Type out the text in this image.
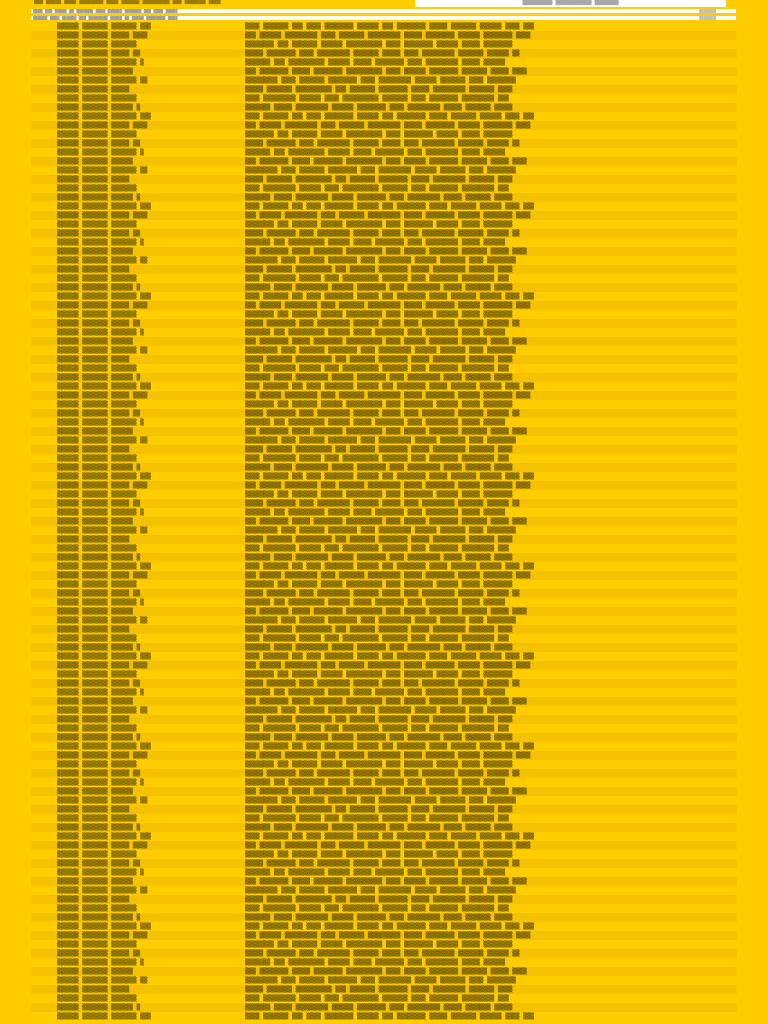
▒▒▒ ▒▒▒▒▒ ▒▒▒▒ ▒▒▒▒▒▒▒▒ ▒▒▒▒ ▒▒▒▒▒▒ ▒▒▒▒▒▒▒▒▒ ▒▒▒ ▒▒▒▒▒▒▒ ▒▒▒▒	▒▒▒▒▒▒▒▒▒▒ ▒▒▒▒▒▒▒▒▒▒▒▒ ▒▒▒▒▒▒▒▒
▒▒▒▒ ▒▒▒ ▒▒▒▒▒ ▒▒ ▒▒▒▒▒▒▒ ▒▒▒▒ ▒▒▒▒▒▒ ▒▒▒▒▒▒▒ ▒▒▒ ▒▒▒▒ ▒▒▒▒▒	▒▒▒▒▒▒▒
▒▒▒▒▒▒ ▒▒▒▒ ▒▒▒▒▒▒ ▒▒▒ ▒▒▒▒▒▒▒▒ ▒▒▒▒▒ ▒▒ ▒▒▒▒▒ ▒▒▒▒▒▒▒▒ ▒▒▒▒	▒▒▒▒▒▒▒
▒▒▒▒▒▒ ▒▒▒▒▒▒▒ ▒▒▒▒▒▒▒ ▒▒▒	▒▒▒▒ ▒▒▒▒▒▒▒ ▒▒▒ ▒▒▒▒ ▒▒▒▒▒▒▒▒ ▒▒▒▒▒▒ ▒▒▒ ▒▒▒▒▒▒▒▒ ▒▒▒▒▒ ▒▒▒▒▒▒▒ ▒▒▒▒▒▒ ▒▒▒▒ ▒▒▒
▒▒▒▒▒▒ ▒▒▒▒▒▒▒ ▒▒▒▒▒ ▒▒▒▒	▒▒▒ ▒▒▒▒▒▒ ▒▒▒▒▒▒▒▒▒ ▒▒▒▒ ▒▒▒▒▒▒▒ ▒▒▒▒▒▒▒▒▒ ▒▒▒▒▒ ▒▒▒▒▒▒▒▒ ▒▒▒▒▒▒ ▒▒▒▒▒▒▒▒ ▒▒▒▒
▒▒▒▒▒▒ ▒▒▒▒▒▒▒ ▒▒▒▒▒▒▒	▒▒▒▒▒▒▒▒ ▒▒▒ ▒▒▒▒▒▒▒ ▒▒▒▒▒▒ ▒▒▒▒▒▒▒▒▒▒ ▒▒▒▒ ▒▒▒▒▒▒▒▒ ▒▒▒▒▒▒ ▒▒▒▒▒ ▒▒▒▒▒▒▒▒
▒▒▒▒▒▒ ▒▒▒▒▒▒▒ ▒▒▒▒▒ ▒▒	▒▒▒▒▒ ▒▒▒▒▒▒▒▒ ▒▒▒▒ ▒▒▒▒▒▒▒▒▒ ▒▒▒▒▒▒▒ ▒▒▒▒▒ ▒▒▒▒ ▒▒▒▒▒▒▒▒▒ ▒▒▒▒▒▒▒ ▒▒▒▒▒▒ ▒▒
▒▒▒▒▒▒ ▒▒▒▒▒▒▒ ▒▒▒▒▒▒▒ ▒	▒▒▒▒▒▒▒ ▒▒▒ ▒▒▒▒▒▒▒▒▒▒ ▒▒▒▒▒▒ ▒▒▒▒▒ ▒▒▒▒▒▒▒▒ ▒▒▒▒ ▒▒▒▒▒▒▒▒▒ ▒▒▒▒▒ ▒▒▒▒▒▒
▒▒▒▒▒▒ ▒▒▒▒▒▒▒ ▒▒▒▒▒▒	▒▒▒ ▒▒▒▒▒▒▒▒ ▒▒▒▒▒ ▒▒▒▒▒▒▒▒ ▒▒▒▒▒▒▒▒▒▒ ▒▒▒▒ ▒▒▒▒▒▒ ▒▒▒▒▒▒▒▒ ▒▒▒▒▒▒▒ ▒▒▒▒▒ ▒▒▒▒
▒▒▒▒▒▒ ▒▒▒▒▒▒▒ ▒▒▒▒▒▒▒ ▒▒	▒▒▒▒▒▒▒▒▒ ▒▒▒▒ ▒▒▒▒▒▒▒ ▒▒▒▒▒▒▒▒ ▒▒▒▒ ▒▒▒▒▒▒▒▒▒ ▒▒▒▒▒▒ ▒▒▒▒▒▒▒ ▒▒▒▒ ▒▒▒▒▒▒▒▒
▒▒▒▒▒▒ ▒▒▒▒▒▒▒ ▒▒▒▒▒	▒▒▒▒▒ ▒▒▒▒▒▒▒ ▒▒▒▒▒▒▒▒▒▒ ▒▒▒ ▒▒▒▒▒▒▒ ▒▒▒▒▒▒▒▒ ▒▒▒▒▒ ▒▒▒▒▒▒▒▒▒ ▒▒▒▒▒▒▒ ▒▒▒▒
▒▒▒▒▒▒ ▒▒▒▒▒▒▒ ▒▒▒▒▒▒▒	▒▒▒▒ ▒▒▒▒▒▒▒▒▒ ▒▒▒▒▒▒ ▒▒▒▒ ▒▒▒▒▒▒▒▒▒▒ ▒▒▒▒▒▒▒ ▒▒▒▒ ▒▒▒▒▒▒▒▒ ▒▒▒▒▒▒▒▒▒ ▒▒▒
▒▒▒▒▒▒ ▒▒▒▒▒▒▒ ▒▒▒▒▒▒ ▒	▒▒▒▒▒▒▒ ▒▒▒▒▒ ▒▒▒▒▒▒▒▒▒ ▒▒▒▒▒▒ ▒▒▒▒▒▒▒▒ ▒▒▒▒ ▒▒▒▒▒▒▒▒▒ ▒▒▒▒▒ ▒▒▒▒▒▒▒ ▒▒▒▒▒
▒▒▒▒▒▒ ▒▒▒▒▒▒▒ ▒▒▒▒▒▒▒ ▒▒▒	▒▒▒▒ ▒▒▒▒▒▒▒ ▒▒▒ ▒▒▒▒ ▒▒▒▒▒▒▒▒ ▒▒▒▒▒▒ ▒▒▒ ▒▒▒▒▒▒▒▒ ▒▒▒▒▒ ▒▒▒▒▒▒▒ ▒▒▒▒▒▒ ▒▒▒▒ ▒▒▒
▒▒▒▒▒▒ ▒▒▒▒▒▒▒ ▒▒▒▒▒ ▒▒▒▒	▒▒▒ ▒▒▒▒▒▒ ▒▒▒▒▒▒▒▒▒ ▒▒▒▒ ▒▒▒▒▒▒▒ ▒▒▒▒▒▒▒▒▒ ▒▒▒▒▒ ▒▒▒▒▒▒▒▒ ▒▒▒▒▒▒ ▒▒▒▒▒▒▒▒ ▒▒▒▒
▒▒▒▒▒▒ ▒▒▒▒▒▒▒ ▒▒▒▒▒▒▒	▒▒▒▒▒▒▒▒ ▒▒▒ ▒▒▒▒▒▒▒ ▒▒▒▒▒▒ ▒▒▒▒▒▒▒▒▒▒ ▒▒▒▒ ▒▒▒▒▒▒▒▒ ▒▒▒▒▒▒ ▒▒▒▒▒ ▒▒▒▒▒▒▒▒
▒▒▒▒▒▒ ▒▒▒▒▒▒▒ ▒▒▒▒▒ ▒▒	▒▒▒▒▒ ▒▒▒▒▒▒▒▒ ▒▒▒▒ ▒▒▒▒▒▒▒▒▒ ▒▒▒▒▒▒▒ ▒▒▒▒▒ ▒▒▒▒ ▒▒▒▒▒▒▒▒▒ ▒▒▒▒▒▒▒ ▒▒▒▒▒▒ ▒▒
▒▒▒▒▒▒ ▒▒▒▒▒▒▒ ▒▒▒▒▒▒▒ ▒	▒▒▒▒▒▒▒ ▒▒▒ ▒▒▒▒▒▒▒▒▒▒ ▒▒▒▒▒▒ ▒▒▒▒▒ ▒▒▒▒▒▒▒▒ ▒▒▒▒ ▒▒▒▒▒▒▒▒▒ ▒▒▒▒▒ ▒▒▒▒▒▒
▒▒▒▒▒▒ ▒▒▒▒▒▒▒ ▒▒▒▒▒▒	▒▒▒ ▒▒▒▒▒▒▒▒ ▒▒▒▒▒ ▒▒▒▒▒▒▒▒ ▒▒▒▒▒▒▒▒▒▒ ▒▒▒▒ ▒▒▒▒▒▒ ▒▒▒▒▒▒▒▒ ▒▒▒▒▒▒▒ ▒▒▒▒▒ ▒▒▒▒
▒▒▒▒▒▒ ▒▒▒▒▒▒▒ ▒▒▒▒▒▒▒ ▒▒	▒▒▒▒▒▒▒▒▒ ▒▒▒▒ ▒▒▒▒▒▒▒ ▒▒▒▒▒▒▒▒ ▒▒▒▒ ▒▒▒▒▒▒▒▒▒ ▒▒▒▒▒▒ ▒▒▒▒▒▒▒ ▒▒▒▒ ▒▒▒▒▒▒▒▒
▒▒▒▒▒▒ ▒▒▒▒▒▒▒ ▒▒▒▒▒	▒▒▒▒▒ ▒▒▒▒▒▒▒ ▒▒▒▒▒▒▒▒▒▒ ▒▒▒ ▒▒▒▒▒▒▒ ▒▒▒▒▒▒▒▒ ▒▒▒▒▒ ▒▒▒▒▒▒▒▒▒ ▒▒▒▒▒▒▒ ▒▒▒▒
▒▒▒▒▒▒ ▒▒▒▒▒▒▒ ▒▒▒▒▒▒▒	▒▒▒▒ ▒▒▒▒▒▒▒▒▒ ▒▒▒▒▒▒ ▒▒▒▒ ▒▒▒▒▒▒▒▒▒▒ ▒▒▒▒▒▒▒ ▒▒▒▒ ▒▒▒▒▒▒▒▒ ▒▒▒▒▒▒▒▒▒ ▒▒▒
▒▒▒▒▒▒ ▒▒▒▒▒▒▒ ▒▒▒▒▒▒ ▒	▒▒▒▒▒▒▒ ▒▒▒▒▒ ▒▒▒▒▒▒▒▒▒ ▒▒▒▒▒▒ ▒▒▒▒▒▒▒▒ ▒▒▒▒ ▒▒▒▒▒▒▒▒▒ ▒▒▒▒▒ ▒▒▒▒▒▒▒ ▒▒▒▒▒
▒▒▒▒▒▒ ▒▒▒▒▒▒▒ ▒▒▒▒▒▒▒ ▒▒▒	▒▒▒▒ ▒▒▒▒▒▒▒ ▒▒▒ ▒▒▒▒ ▒▒▒▒▒▒▒▒ ▒▒▒▒▒▒ ▒▒▒ ▒▒▒▒▒▒▒▒ ▒▒▒▒▒ ▒▒▒▒▒▒▒ ▒▒▒▒▒▒ ▒▒▒▒ ▒▒▒
▒▒▒▒▒▒ ▒▒▒▒▒▒▒ ▒▒▒▒▒ ▒▒▒▒	▒▒▒ ▒▒▒▒▒▒ ▒▒▒▒▒▒▒▒▒ ▒▒▒▒ ▒▒▒▒▒▒▒ ▒▒▒▒▒▒▒▒▒ ▒▒▒▒▒ ▒▒▒▒▒▒▒▒ ▒▒▒▒▒▒ ▒▒▒▒▒▒▒▒ ▒▒▒▒
▒▒▒▒▒▒ ▒▒▒▒▒▒▒ ▒▒▒▒▒▒▒	▒▒▒▒▒▒▒▒ ▒▒▒ ▒▒▒▒▒▒▒ ▒▒▒▒▒▒ ▒▒▒▒▒▒▒▒▒▒ ▒▒▒▒ ▒▒▒▒▒▒▒▒ ▒▒▒▒▒▒ ▒▒▒▒▒ ▒▒▒▒▒▒▒▒
▒▒▒▒▒▒ ▒▒▒▒▒▒▒ ▒▒▒▒▒ ▒▒	▒▒▒▒▒ ▒▒▒▒▒▒▒▒ ▒▒▒▒ ▒▒▒▒▒▒▒▒▒ ▒▒▒▒▒▒▒ ▒▒▒▒▒ ▒▒▒▒ ▒▒▒▒▒▒▒▒▒ ▒▒▒▒▒▒▒ ▒▒▒▒▒▒ ▒▒
▒▒▒▒▒▒ ▒▒▒▒▒▒▒ ▒▒▒▒▒▒▒ ▒	▒▒▒▒▒▒▒ ▒▒▒ ▒▒▒▒▒▒▒▒▒▒ ▒▒▒▒▒▒ ▒▒▒▒▒ ▒▒▒▒▒▒▒▒ ▒▒▒▒ ▒▒▒▒▒▒▒▒▒ ▒▒▒▒▒ ▒▒▒▒▒▒
▒▒▒▒▒▒ ▒▒▒▒▒▒▒ ▒▒▒▒▒▒	▒▒▒ ▒▒▒▒▒▒▒▒ ▒▒▒▒▒ ▒▒▒▒▒▒▒▒ ▒▒▒▒▒▒▒▒▒▒ ▒▒▒▒ ▒▒▒▒▒▒ ▒▒▒▒▒▒▒▒ ▒▒▒▒▒▒▒ ▒▒▒▒▒ ▒▒▒▒
▒▒▒▒▒▒ ▒▒▒▒▒▒▒ ▒▒▒▒▒▒▒ ▒▒	▒▒▒▒▒▒▒▒▒ ▒▒▒▒ ▒▒▒▒▒▒▒ ▒▒▒▒▒▒▒▒ ▒▒▒▒ ▒▒▒▒▒▒▒▒▒ ▒▒▒▒▒▒ ▒▒▒▒▒▒▒ ▒▒▒▒ ▒▒▒▒▒▒▒▒
▒▒▒▒▒▒ ▒▒▒▒▒▒▒ ▒▒▒▒▒	▒▒▒▒▒ ▒▒▒▒▒▒▒ ▒▒▒▒▒▒▒▒▒▒ ▒▒▒ ▒▒▒▒▒▒▒ ▒▒▒▒▒▒▒▒ ▒▒▒▒▒ ▒▒▒▒▒▒▒▒▒ ▒▒▒▒▒▒▒ ▒▒▒▒
▒▒▒▒▒▒ ▒▒▒▒▒▒▒ ▒▒▒▒▒▒▒	▒▒▒▒ ▒▒▒▒▒▒▒▒▒ ▒▒▒▒▒▒ ▒▒▒▒ ▒▒▒▒▒▒▒▒▒▒ ▒▒▒▒▒▒▒ ▒▒▒▒ ▒▒▒▒▒▒▒▒ ▒▒▒▒▒▒▒▒▒ ▒▒▒
▒▒▒▒▒▒ ▒▒▒▒▒▒▒ ▒▒▒▒▒▒ ▒	▒▒▒▒▒▒▒ ▒▒▒▒▒ ▒▒▒▒▒▒▒▒▒ ▒▒▒▒▒▒ ▒▒▒▒▒▒▒▒ ▒▒▒▒ ▒▒▒▒▒▒▒▒▒ ▒▒▒▒▒ ▒▒▒▒▒▒▒ ▒▒▒▒▒
▒▒▒▒▒▒ ▒▒▒▒▒▒▒ ▒▒▒▒▒▒▒ ▒▒▒	▒▒▒▒ ▒▒▒▒▒▒▒ ▒▒▒ ▒▒▒▒ ▒▒▒▒▒▒▒▒ ▒▒▒▒▒▒ ▒▒▒ ▒▒▒▒▒▒▒▒ ▒▒▒▒▒ ▒▒▒▒▒▒▒ ▒▒▒▒▒▒ ▒▒▒▒ ▒▒▒
▒▒▒▒▒▒ ▒▒▒▒▒▒▒ ▒▒▒▒▒ ▒▒▒▒	▒▒▒ ▒▒▒▒▒▒ ▒▒▒▒▒▒▒▒▒ ▒▒▒▒ ▒▒▒▒▒▒▒ ▒▒▒▒▒▒▒▒▒ ▒▒▒▒▒ ▒▒▒▒▒▒▒▒ ▒▒▒▒▒▒ ▒▒▒▒▒▒▒▒ ▒▒▒▒
▒▒▒▒▒▒ ▒▒▒▒▒▒▒ ▒▒▒▒▒▒▒	▒▒▒▒▒▒▒▒ ▒▒▒ ▒▒▒▒▒▒▒ ▒▒▒▒▒▒ ▒▒▒▒▒▒▒▒▒▒ ▒▒▒▒ ▒▒▒▒▒▒▒▒ ▒▒▒▒▒▒ ▒▒▒▒▒ ▒▒▒▒▒▒▒▒
▒▒▒▒▒▒ ▒▒▒▒▒▒▒ ▒▒▒▒▒ ▒▒	▒▒▒▒▒ ▒▒▒▒▒▒▒▒ ▒▒▒▒ ▒▒▒▒▒▒▒▒▒ ▒▒▒▒▒▒▒ ▒▒▒▒▒ ▒▒▒▒ ▒▒▒▒▒▒▒▒▒ ▒▒▒▒▒▒▒ ▒▒▒▒▒▒ ▒▒
▒▒▒▒▒▒ ▒▒▒▒▒▒▒ ▒▒▒▒▒▒▒ ▒	▒▒▒▒▒▒▒ ▒▒▒ ▒▒▒▒▒▒▒▒▒▒ ▒▒▒▒▒▒ ▒▒▒▒▒ ▒▒▒▒▒▒▒▒ ▒▒▒▒ ▒▒▒▒▒▒▒▒▒ ▒▒▒▒▒ ▒▒▒▒▒▒
▒▒▒▒▒▒ ▒▒▒▒▒▒▒ ▒▒▒▒▒▒	▒▒▒ ▒▒▒▒▒▒▒▒ ▒▒▒▒▒ ▒▒▒▒▒▒▒▒ ▒▒▒▒▒▒▒▒▒▒ ▒▒▒▒ ▒▒▒▒▒▒ ▒▒▒▒▒▒▒▒ ▒▒▒▒▒▒▒ ▒▒▒▒▒ ▒▒▒▒
▒▒▒▒▒▒ ▒▒▒▒▒▒▒ ▒▒▒▒▒▒▒ ▒▒	▒▒▒▒▒▒▒▒▒ ▒▒▒▒ ▒▒▒▒▒▒▒ ▒▒▒▒▒▒▒▒ ▒▒▒▒ ▒▒▒▒▒▒▒▒▒ ▒▒▒▒▒▒ ▒▒▒▒▒▒▒ ▒▒▒▒ ▒▒▒▒▒▒▒▒
▒▒▒▒▒▒ ▒▒▒▒▒▒▒ ▒▒▒▒▒	▒▒▒▒▒ ▒▒▒▒▒▒▒ ▒▒▒▒▒▒▒▒▒▒ ▒▒▒ ▒▒▒▒▒▒▒ ▒▒▒▒▒▒▒▒ ▒▒▒▒▒ ▒▒▒▒▒▒▒▒▒ ▒▒▒▒▒▒▒ ▒▒▒▒
▒▒▒▒▒▒ ▒▒▒▒▒▒▒ ▒▒▒▒▒▒▒	▒▒▒▒ ▒▒▒▒▒▒▒▒▒ ▒▒▒▒▒▒ ▒▒▒▒ ▒▒▒▒▒▒▒▒▒▒ ▒▒▒▒▒▒▒ ▒▒▒▒ ▒▒▒▒▒▒▒▒ ▒▒▒▒▒▒▒▒▒ ▒▒▒
▒▒▒▒▒▒ ▒▒▒▒▒▒▒ ▒▒▒▒▒▒ ▒	▒▒▒▒▒▒▒ ▒▒▒▒▒ ▒▒▒▒▒▒▒▒▒ ▒▒▒▒▒▒ ▒▒▒▒▒▒▒▒ ▒▒▒▒ ▒▒▒▒▒▒▒▒▒ ▒▒▒▒▒ ▒▒▒▒▒▒▒ ▒▒▒▒▒
▒▒▒▒▒▒ ▒▒▒▒▒▒▒ ▒▒▒▒▒▒▒ ▒▒▒	▒▒▒▒ ▒▒▒▒▒▒▒ ▒▒▒ ▒▒▒▒ ▒▒▒▒▒▒▒▒ ▒▒▒▒▒▒ ▒▒▒ ▒▒▒▒▒▒▒▒ ▒▒▒▒▒ ▒▒▒▒▒▒▒ ▒▒▒▒▒▒ ▒▒▒▒ ▒▒▒
▒▒▒▒▒▒ ▒▒▒▒▒▒▒ ▒▒▒▒▒ ▒▒▒▒	▒▒▒ ▒▒▒▒▒▒ ▒▒▒▒▒▒▒▒▒ ▒▒▒▒ ▒▒▒▒▒▒▒ ▒▒▒▒▒▒▒▒▒ ▒▒▒▒▒ ▒▒▒▒▒▒▒▒ ▒▒▒▒▒▒ ▒▒▒▒▒▒▒▒ ▒▒▒▒
▒▒▒▒▒▒ ▒▒▒▒▒▒▒ ▒▒▒▒▒▒▒	▒▒▒▒▒▒▒▒ ▒▒▒ ▒▒▒▒▒▒▒ ▒▒▒▒▒▒ ▒▒▒▒▒▒▒▒▒▒ ▒▒▒▒ ▒▒▒▒▒▒▒▒ ▒▒▒▒▒▒ ▒▒▒▒▒ ▒▒▒▒▒▒▒▒
▒▒▒▒▒▒ ▒▒▒▒▒▒▒ ▒▒▒▒▒ ▒▒	▒▒▒▒▒ ▒▒▒▒▒▒▒▒ ▒▒▒▒ ▒▒▒▒▒▒▒▒▒ ▒▒▒▒▒▒▒ ▒▒▒▒▒ ▒▒▒▒ ▒▒▒▒▒▒▒▒▒ ▒▒▒▒▒▒▒ ▒▒▒▒▒▒ ▒▒
▒▒▒▒▒▒ ▒▒▒▒▒▒▒ ▒▒▒▒▒▒▒ ▒	▒▒▒▒▒▒▒ ▒▒▒ ▒▒▒▒▒▒▒▒▒▒ ▒▒▒▒▒▒ ▒▒▒▒▒ ▒▒▒▒▒▒▒▒ ▒▒▒▒ ▒▒▒▒▒▒▒▒▒ ▒▒▒▒▒ ▒▒▒▒▒▒
▒▒▒▒▒▒ ▒▒▒▒▒▒▒ ▒▒▒▒▒▒	▒▒▒ ▒▒▒▒▒▒▒▒ ▒▒▒▒▒ ▒▒▒▒▒▒▒▒ ▒▒▒▒▒▒▒▒▒▒ ▒▒▒▒ ▒▒▒▒▒▒ ▒▒▒▒▒▒▒▒ ▒▒▒▒▒▒▒ ▒▒▒▒▒ ▒▒▒▒
▒▒▒▒▒▒ ▒▒▒▒▒▒▒ ▒▒▒▒▒▒▒ ▒▒	▒▒▒▒▒▒▒▒▒ ▒▒▒▒ ▒▒▒▒▒▒▒ ▒▒▒▒▒▒▒▒ ▒▒▒▒ ▒▒▒▒▒▒▒▒▒ ▒▒▒▒▒▒ ▒▒▒▒▒▒▒ ▒▒▒▒ ▒▒▒▒▒▒▒▒
▒▒▒▒▒▒ ▒▒▒▒▒▒▒ ▒▒▒▒▒	▒▒▒▒▒ ▒▒▒▒▒▒▒ ▒▒▒▒▒▒▒▒▒▒ ▒▒▒ ▒▒▒▒▒▒▒ ▒▒▒▒▒▒▒▒ ▒▒▒▒▒ ▒▒▒▒▒▒▒▒▒ ▒▒▒▒▒▒▒ ▒▒▒▒
▒▒▒▒▒▒ ▒▒▒▒▒▒▒ ▒▒▒▒▒▒▒	▒▒▒▒ ▒▒▒▒▒▒▒▒▒ ▒▒▒▒▒▒ ▒▒▒▒ ▒▒▒▒▒▒▒▒▒▒ ▒▒▒▒▒▒▒ ▒▒▒▒ ▒▒▒▒▒▒▒▒ ▒▒▒▒▒▒▒▒▒ ▒▒▒
▒▒▒▒▒▒ ▒▒▒▒▒▒▒ ▒▒▒▒▒▒ ▒	▒▒▒▒▒▒▒ ▒▒▒▒▒ ▒▒▒▒▒▒▒▒▒ ▒▒▒▒▒▒ ▒▒▒▒▒▒▒▒ ▒▒▒▒ ▒▒▒▒▒▒▒▒▒ ▒▒▒▒▒ ▒▒▒▒▒▒▒ ▒▒▒▒▒
▒▒▒▒▒▒ ▒▒▒▒▒▒▒ ▒▒▒▒▒▒▒ ▒▒▒	▒▒▒▒ ▒▒▒▒▒▒▒ ▒▒▒ ▒▒▒▒ ▒▒▒▒▒▒▒▒ ▒▒▒▒▒▒ ▒▒▒ ▒▒▒▒▒▒▒▒ ▒▒▒▒▒ ▒▒▒▒▒▒▒ ▒▒▒▒▒▒ ▒▒▒▒ ▒▒▒
▒▒▒▒▒▒ ▒▒▒▒▒▒▒ ▒▒▒▒▒ ▒▒▒▒	▒▒▒ ▒▒▒▒▒▒ ▒▒▒▒▒▒▒▒▒ ▒▒▒▒ ▒▒▒▒▒▒▒ ▒▒▒▒▒▒▒▒▒ ▒▒▒▒▒ ▒▒▒▒▒▒▒▒ ▒▒▒▒▒▒ ▒▒▒▒▒▒▒▒ ▒▒▒▒
▒▒▒▒▒▒ ▒▒▒▒▒▒▒ ▒▒▒▒▒▒▒	▒▒▒▒▒▒▒▒ ▒▒▒ ▒▒▒▒▒▒▒ ▒▒▒▒▒▒ ▒▒▒▒▒▒▒▒▒▒ ▒▒▒▒ ▒▒▒▒▒▒▒▒ ▒▒▒▒▒▒ ▒▒▒▒▒ ▒▒▒▒▒▒▒▒
▒▒▒▒▒▒ ▒▒▒▒▒▒▒ ▒▒▒▒▒ ▒▒	▒▒▒▒▒ ▒▒▒▒▒▒▒▒ ▒▒▒▒ ▒▒▒▒▒▒▒▒▒ ▒▒▒▒▒▒▒ ▒▒▒▒▒ ▒▒▒▒ ▒▒▒▒▒▒▒▒▒ ▒▒▒▒▒▒▒ ▒▒▒▒▒▒ ▒▒
▒▒▒▒▒▒ ▒▒▒▒▒▒▒ ▒▒▒▒▒▒▒ ▒	▒▒▒▒▒▒▒ ▒▒▒ ▒▒▒▒▒▒▒▒▒▒ ▒▒▒▒▒▒ ▒▒▒▒▒ ▒▒▒▒▒▒▒▒ ▒▒▒▒ ▒▒▒▒▒▒▒▒▒ ▒▒▒▒▒ ▒▒▒▒▒▒
▒▒▒▒▒▒ ▒▒▒▒▒▒▒ ▒▒▒▒▒▒	▒▒▒ ▒▒▒▒▒▒▒▒ ▒▒▒▒▒ ▒▒▒▒▒▒▒▒ ▒▒▒▒▒▒▒▒▒▒ ▒▒▒▒ ▒▒▒▒▒▒ ▒▒▒▒▒▒▒▒ ▒▒▒▒▒▒▒ ▒▒▒▒▒ ▒▒▒▒
▒▒▒▒▒▒ ▒▒▒▒▒▒▒ ▒▒▒▒▒▒▒ ▒▒	▒▒▒▒▒▒▒▒▒ ▒▒▒▒ ▒▒▒▒▒▒▒ ▒▒▒▒▒▒▒▒ ▒▒▒▒ ▒▒▒▒▒▒▒▒▒ ▒▒▒▒▒▒ ▒▒▒▒▒▒▒ ▒▒▒▒ ▒▒▒▒▒▒▒▒
▒▒▒▒▒▒ ▒▒▒▒▒▒▒ ▒▒▒▒▒	▒▒▒▒▒ ▒▒▒▒▒▒▒ ▒▒▒▒▒▒▒▒▒▒ ▒▒▒ ▒▒▒▒▒▒▒ ▒▒▒▒▒▒▒▒ ▒▒▒▒▒ ▒▒▒▒▒▒▒▒▒ ▒▒▒▒▒▒▒ ▒▒▒▒
▒▒▒▒▒▒ ▒▒▒▒▒▒▒ ▒▒▒▒▒▒▒	▒▒▒▒ ▒▒▒▒▒▒▒▒▒ ▒▒▒▒▒▒ ▒▒▒▒ ▒▒▒▒▒▒▒▒▒▒ ▒▒▒▒▒▒▒ ▒▒▒▒ ▒▒▒▒▒▒▒▒ ▒▒▒▒▒▒▒▒▒ ▒▒▒
▒▒▒▒▒▒ ▒▒▒▒▒▒▒ ▒▒▒▒▒▒ ▒	▒▒▒▒▒▒▒ ▒▒▒▒▒ ▒▒▒▒▒▒▒▒▒ ▒▒▒▒▒▒ ▒▒▒▒▒▒▒▒ ▒▒▒▒ ▒▒▒▒▒▒▒▒▒ ▒▒▒▒▒ ▒▒▒▒▒▒▒ ▒▒▒▒▒
▒▒▒▒▒▒ ▒▒▒▒▒▒▒ ▒▒▒▒▒▒▒ ▒▒▒	▒▒▒▒ ▒▒▒▒▒▒▒ ▒▒▒ ▒▒▒▒ ▒▒▒▒▒▒▒▒ ▒▒▒▒▒▒ ▒▒▒ ▒▒▒▒▒▒▒▒ ▒▒▒▒▒ ▒▒▒▒▒▒▒ ▒▒▒▒▒▒ ▒▒▒▒ ▒▒▒
▒▒▒▒▒▒ ▒▒▒▒▒▒▒ ▒▒▒▒▒ ▒▒▒▒	▒▒▒ ▒▒▒▒▒▒ ▒▒▒▒▒▒▒▒▒ ▒▒▒▒ ▒▒▒▒▒▒▒ ▒▒▒▒▒▒▒▒▒ ▒▒▒▒▒ ▒▒▒▒▒▒▒▒ ▒▒▒▒▒▒ ▒▒▒▒▒▒▒▒ ▒▒▒▒
▒▒▒▒▒▒ ▒▒▒▒▒▒▒ ▒▒▒▒▒▒▒	▒▒▒▒▒▒▒▒ ▒▒▒ ▒▒▒▒▒▒▒ ▒▒▒▒▒▒ ▒▒▒▒▒▒▒▒▒▒ ▒▒▒▒ ▒▒▒▒▒▒▒▒ ▒▒▒▒▒▒ ▒▒▒▒▒ ▒▒▒▒▒▒▒▒
▒▒▒▒▒▒ ▒▒▒▒▒▒▒ ▒▒▒▒▒ ▒▒	▒▒▒▒▒ ▒▒▒▒▒▒▒▒ ▒▒▒▒ ▒▒▒▒▒▒▒▒▒ ▒▒▒▒▒▒▒ ▒▒▒▒▒ ▒▒▒▒ ▒▒▒▒▒▒▒▒▒ ▒▒▒▒▒▒▒ ▒▒▒▒▒▒ ▒▒
▒▒▒▒▒▒ ▒▒▒▒▒▒▒ ▒▒▒▒▒▒▒ ▒	▒▒▒▒▒▒▒ ▒▒▒ ▒▒▒▒▒▒▒▒▒▒ ▒▒▒▒▒▒ ▒▒▒▒▒ ▒▒▒▒▒▒▒▒ ▒▒▒▒ ▒▒▒▒▒▒▒▒▒ ▒▒▒▒▒ ▒▒▒▒▒▒
▒▒▒▒▒▒ ▒▒▒▒▒▒▒ ▒▒▒▒▒▒	▒▒▒ ▒▒▒▒▒▒▒▒ ▒▒▒▒▒ ▒▒▒▒▒▒▒▒ ▒▒▒▒▒▒▒▒▒▒ ▒▒▒▒ ▒▒▒▒▒▒ ▒▒▒▒▒▒▒▒ ▒▒▒▒▒▒▒ ▒▒▒▒▒ ▒▒▒▒
▒▒▒▒▒▒ ▒▒▒▒▒▒▒ ▒▒▒▒▒▒▒ ▒▒	▒▒▒▒▒▒▒▒▒ ▒▒▒▒ ▒▒▒▒▒▒▒ ▒▒▒▒▒▒▒▒ ▒▒▒▒ ▒▒▒▒▒▒▒▒▒ ▒▒▒▒▒▒ ▒▒▒▒▒▒▒ ▒▒▒▒ ▒▒▒▒▒▒▒▒
▒▒▒▒▒▒ ▒▒▒▒▒▒▒ ▒▒▒▒▒	▒▒▒▒▒ ▒▒▒▒▒▒▒ ▒▒▒▒▒▒▒▒▒▒ ▒▒▒ ▒▒▒▒▒▒▒ ▒▒▒▒▒▒▒▒ ▒▒▒▒▒ ▒▒▒▒▒▒▒▒▒ ▒▒▒▒▒▒▒ ▒▒▒▒
▒▒▒▒▒▒ ▒▒▒▒▒▒▒ ▒▒▒▒▒▒▒	▒▒▒▒ ▒▒▒▒▒▒▒▒▒ ▒▒▒▒▒▒ ▒▒▒▒ ▒▒▒▒▒▒▒▒▒▒ ▒▒▒▒▒▒▒ ▒▒▒▒ ▒▒▒▒▒▒▒▒ ▒▒▒▒▒▒▒▒▒ ▒▒▒
▒▒▒▒▒▒ ▒▒▒▒▒▒▒ ▒▒▒▒▒▒ ▒	▒▒▒▒▒▒▒ ▒▒▒▒▒ ▒▒▒▒▒▒▒▒▒ ▒▒▒▒▒▒ ▒▒▒▒▒▒▒▒ ▒▒▒▒ ▒▒▒▒▒▒▒▒▒ ▒▒▒▒▒ ▒▒▒▒▒▒▒ ▒▒▒▒▒
▒▒▒▒▒▒ ▒▒▒▒▒▒▒ ▒▒▒▒▒▒▒ ▒▒▒	▒▒▒▒ ▒▒▒▒▒▒▒ ▒▒▒ ▒▒▒▒ ▒▒▒▒▒▒▒▒ ▒▒▒▒▒▒ ▒▒▒ ▒▒▒▒▒▒▒▒ ▒▒▒▒▒ ▒▒▒▒▒▒▒ ▒▒▒▒▒▒ ▒▒▒▒ ▒▒▒
▒▒▒▒▒▒ ▒▒▒▒▒▒▒ ▒▒▒▒▒ ▒▒▒▒	▒▒▒ ▒▒▒▒▒▒ ▒▒▒▒▒▒▒▒▒ ▒▒▒▒ ▒▒▒▒▒▒▒ ▒▒▒▒▒▒▒▒▒ ▒▒▒▒▒ ▒▒▒▒▒▒▒▒ ▒▒▒▒▒▒ ▒▒▒▒▒▒▒▒ ▒▒▒▒
▒▒▒▒▒▒ ▒▒▒▒▒▒▒ ▒▒▒▒▒▒▒	▒▒▒▒▒▒▒▒ ▒▒▒ ▒▒▒▒▒▒▒ ▒▒▒▒▒▒ ▒▒▒▒▒▒▒▒▒▒ ▒▒▒▒ ▒▒▒▒▒▒▒▒ ▒▒▒▒▒▒ ▒▒▒▒▒ ▒▒▒▒▒▒▒▒
▒▒▒▒▒▒ ▒▒▒▒▒▒▒ ▒▒▒▒▒ ▒▒	▒▒▒▒▒ ▒▒▒▒▒▒▒▒ ▒▒▒▒ ▒▒▒▒▒▒▒▒▒ ▒▒▒▒▒▒▒ ▒▒▒▒▒ ▒▒▒▒ ▒▒▒▒▒▒▒▒▒ ▒▒▒▒▒▒▒ ▒▒▒▒▒▒ ▒▒
▒▒▒▒▒▒ ▒▒▒▒▒▒▒ ▒▒▒▒▒▒▒ ▒	▒▒▒▒▒▒▒ ▒▒▒ ▒▒▒▒▒▒▒▒▒▒ ▒▒▒▒▒▒ ▒▒▒▒▒ ▒▒▒▒▒▒▒▒ ▒▒▒▒ ▒▒▒▒▒▒▒▒▒ ▒▒▒▒▒ ▒▒▒▒▒▒
▒▒▒▒▒▒ ▒▒▒▒▒▒▒ ▒▒▒▒▒▒	▒▒▒ ▒▒▒▒▒▒▒▒ ▒▒▒▒▒ ▒▒▒▒▒▒▒▒ ▒▒▒▒▒▒▒▒▒▒ ▒▒▒▒ ▒▒▒▒▒▒ ▒▒▒▒▒▒▒▒ ▒▒▒▒▒▒▒ ▒▒▒▒▒ ▒▒▒▒
▒▒▒▒▒▒ ▒▒▒▒▒▒▒ ▒▒▒▒▒▒▒ ▒▒	▒▒▒▒▒▒▒▒▒ ▒▒▒▒ ▒▒▒▒▒▒▒ ▒▒▒▒▒▒▒▒ ▒▒▒▒ ▒▒▒▒▒▒▒▒▒ ▒▒▒▒▒▒ ▒▒▒▒▒▒▒ ▒▒▒▒ ▒▒▒▒▒▒▒▒
▒▒▒▒▒▒ ▒▒▒▒▒▒▒ ▒▒▒▒▒	▒▒▒▒▒ ▒▒▒▒▒▒▒ ▒▒▒▒▒▒▒▒▒▒ ▒▒▒ ▒▒▒▒▒▒▒ ▒▒▒▒▒▒▒▒ ▒▒▒▒▒ ▒▒▒▒▒▒▒▒▒ ▒▒▒▒▒▒▒ ▒▒▒▒
▒▒▒▒▒▒ ▒▒▒▒▒▒▒ ▒▒▒▒▒▒▒	▒▒▒▒ ▒▒▒▒▒▒▒▒▒ ▒▒▒▒▒▒ ▒▒▒▒ ▒▒▒▒▒▒▒▒▒▒ ▒▒▒▒▒▒▒ ▒▒▒▒ ▒▒▒▒▒▒▒▒ ▒▒▒▒▒▒▒▒▒ ▒▒▒
▒▒▒▒▒▒ ▒▒▒▒▒▒▒ ▒▒▒▒▒▒ ▒	▒▒▒▒▒▒▒ ▒▒▒▒▒ ▒▒▒▒▒▒▒▒▒ ▒▒▒▒▒▒ ▒▒▒▒▒▒▒▒ ▒▒▒▒ ▒▒▒▒▒▒▒▒▒ ▒▒▒▒▒ ▒▒▒▒▒▒▒ ▒▒▒▒▒
▒▒▒▒▒▒ ▒▒▒▒▒▒▒ ▒▒▒▒▒▒▒ ▒▒▒	▒▒▒▒ ▒▒▒▒▒▒▒ ▒▒▒ ▒▒▒▒ ▒▒▒▒▒▒▒▒ ▒▒▒▒▒▒ ▒▒▒ ▒▒▒▒▒▒▒▒ ▒▒▒▒▒ ▒▒▒▒▒▒▒ ▒▒▒▒▒▒ ▒▒▒▒ ▒▒▒
▒▒▒▒▒▒ ▒▒▒▒▒▒▒ ▒▒▒▒▒ ▒▒▒▒	▒▒▒ ▒▒▒▒▒▒ ▒▒▒▒▒▒▒▒▒ ▒▒▒▒ ▒▒▒▒▒▒▒ ▒▒▒▒▒▒▒▒▒ ▒▒▒▒▒ ▒▒▒▒▒▒▒▒ ▒▒▒▒▒▒ ▒▒▒▒▒▒▒▒ ▒▒▒▒
▒▒▒▒▒▒ ▒▒▒▒▒▒▒ ▒▒▒▒▒▒▒	▒▒▒▒▒▒▒▒ ▒▒▒ ▒▒▒▒▒▒▒ ▒▒▒▒▒▒ ▒▒▒▒▒▒▒▒▒▒ ▒▒▒▒ ▒▒▒▒▒▒▒▒ ▒▒▒▒▒▒ ▒▒▒▒▒ ▒▒▒▒▒▒▒▒
▒▒▒▒▒▒ ▒▒▒▒▒▒▒ ▒▒▒▒▒ ▒▒	▒▒▒▒▒ ▒▒▒▒▒▒▒▒ ▒▒▒▒ ▒▒▒▒▒▒▒▒▒ ▒▒▒▒▒▒▒ ▒▒▒▒▒ ▒▒▒▒ ▒▒▒▒▒▒▒▒▒ ▒▒▒▒▒▒▒ ▒▒▒▒▒▒ ▒▒
▒▒▒▒▒▒ ▒▒▒▒▒▒▒ ▒▒▒▒▒▒▒ ▒	▒▒▒▒▒▒▒ ▒▒▒ ▒▒▒▒▒▒▒▒▒▒ ▒▒▒▒▒▒ ▒▒▒▒▒ ▒▒▒▒▒▒▒▒ ▒▒▒▒ ▒▒▒▒▒▒▒▒▒ ▒▒▒▒▒ ▒▒▒▒▒▒
▒▒▒▒▒▒ ▒▒▒▒▒▒▒ ▒▒▒▒▒▒	▒▒▒ ▒▒▒▒▒▒▒▒ ▒▒▒▒▒ ▒▒▒▒▒▒▒▒ ▒▒▒▒▒▒▒▒▒▒ ▒▒▒▒ ▒▒▒▒▒▒ ▒▒▒▒▒▒▒▒ ▒▒▒▒▒▒▒ ▒▒▒▒▒ ▒▒▒▒
▒▒▒▒▒▒ ▒▒▒▒▒▒▒ ▒▒▒▒▒▒▒ ▒▒	▒▒▒▒▒▒▒▒▒ ▒▒▒▒ ▒▒▒▒▒▒▒ ▒▒▒▒▒▒▒▒ ▒▒▒▒ ▒▒▒▒▒▒▒▒▒ ▒▒▒▒▒▒ ▒▒▒▒▒▒▒ ▒▒▒▒ ▒▒▒▒▒▒▒▒
▒▒▒▒▒▒ ▒▒▒▒▒▒▒ ▒▒▒▒▒	▒▒▒▒▒ ▒▒▒▒▒▒▒ ▒▒▒▒▒▒▒▒▒▒ ▒▒▒ ▒▒▒▒▒▒▒ ▒▒▒▒▒▒▒▒ ▒▒▒▒▒ ▒▒▒▒▒▒▒▒▒ ▒▒▒▒▒▒▒ ▒▒▒▒
▒▒▒▒▒▒ ▒▒▒▒▒▒▒ ▒▒▒▒▒▒▒	▒▒▒▒ ▒▒▒▒▒▒▒▒▒ ▒▒▒▒▒▒ ▒▒▒▒ ▒▒▒▒▒▒▒▒▒▒ ▒▒▒▒▒▒▒ ▒▒▒▒ ▒▒▒▒▒▒▒▒ ▒▒▒▒▒▒▒▒▒ ▒▒▒
▒▒▒▒▒▒ ▒▒▒▒▒▒▒ ▒▒▒▒▒▒ ▒	▒▒▒▒▒▒▒ ▒▒▒▒▒ ▒▒▒▒▒▒▒▒▒ ▒▒▒▒▒▒ ▒▒▒▒▒▒▒▒ ▒▒▒▒ ▒▒▒▒▒▒▒▒▒ ▒▒▒▒▒ ▒▒▒▒▒▒▒ ▒▒▒▒▒
▒▒▒▒▒▒ ▒▒▒▒▒▒▒ ▒▒▒▒▒▒▒ ▒▒▒	▒▒▒▒ ▒▒▒▒▒▒▒ ▒▒▒ ▒▒▒▒ ▒▒▒▒▒▒▒▒ ▒▒▒▒▒▒ ▒▒▒ ▒▒▒▒▒▒▒▒ ▒▒▒▒▒ ▒▒▒▒▒▒▒ ▒▒▒▒▒▒ ▒▒▒▒ ▒▒▒
▒▒▒▒▒▒ ▒▒▒▒▒▒▒ ▒▒▒▒▒ ▒▒▒▒	▒▒▒ ▒▒▒▒▒▒ ▒▒▒▒▒▒▒▒▒ ▒▒▒▒ ▒▒▒▒▒▒▒ ▒▒▒▒▒▒▒▒▒ ▒▒▒▒▒ ▒▒▒▒▒▒▒▒ ▒▒▒▒▒▒ ▒▒▒▒▒▒▒▒ ▒▒▒▒
▒▒▒▒▒▒ ▒▒▒▒▒▒▒ ▒▒▒▒▒▒▒	▒▒▒▒▒▒▒▒ ▒▒▒ ▒▒▒▒▒▒▒ ▒▒▒▒▒▒ ▒▒▒▒▒▒▒▒▒▒ ▒▒▒▒ ▒▒▒▒▒▒▒▒ ▒▒▒▒▒▒ ▒▒▒▒▒ ▒▒▒▒▒▒▒▒
▒▒▒▒▒▒ ▒▒▒▒▒▒▒ ▒▒▒▒▒ ▒▒	▒▒▒▒▒ ▒▒▒▒▒▒▒▒ ▒▒▒▒ ▒▒▒▒▒▒▒▒▒ ▒▒▒▒▒▒▒ ▒▒▒▒▒ ▒▒▒▒ ▒▒▒▒▒▒▒▒▒ ▒▒▒▒▒▒▒ ▒▒▒▒▒▒ ▒▒
▒▒▒▒▒▒ ▒▒▒▒▒▒▒ ▒▒▒▒▒▒▒ ▒	▒▒▒▒▒▒▒ ▒▒▒ ▒▒▒▒▒▒▒▒▒▒ ▒▒▒▒▒▒ ▒▒▒▒▒ ▒▒▒▒▒▒▒▒ ▒▒▒▒ ▒▒▒▒▒▒▒▒▒ ▒▒▒▒▒ ▒▒▒▒▒▒
▒▒▒▒▒▒ ▒▒▒▒▒▒▒ ▒▒▒▒▒▒	▒▒▒ ▒▒▒▒▒▒▒▒ ▒▒▒▒▒ ▒▒▒▒▒▒▒▒ ▒▒▒▒▒▒▒▒▒▒ ▒▒▒▒ ▒▒▒▒▒▒ ▒▒▒▒▒▒▒▒ ▒▒▒▒▒▒▒ ▒▒▒▒▒ ▒▒▒▒
▒▒▒▒▒▒ ▒▒▒▒▒▒▒ ▒▒▒▒▒▒▒ ▒▒	▒▒▒▒▒▒▒▒▒ ▒▒▒▒ ▒▒▒▒▒▒▒ ▒▒▒▒▒▒▒▒ ▒▒▒▒ ▒▒▒▒▒▒▒▒▒ ▒▒▒▒▒▒ ▒▒▒▒▒▒▒ ▒▒▒▒ ▒▒▒▒▒▒▒▒
▒▒▒▒▒▒ ▒▒▒▒▒▒▒ ▒▒▒▒▒	▒▒▒▒▒ ▒▒▒▒▒▒▒ ▒▒▒▒▒▒▒▒▒▒ ▒▒▒ ▒▒▒▒▒▒▒ ▒▒▒▒▒▒▒▒ ▒▒▒▒▒ ▒▒▒▒▒▒▒▒▒ ▒▒▒▒▒▒▒ ▒▒▒▒
▒▒▒▒▒▒ ▒▒▒▒▒▒▒ ▒▒▒▒▒▒▒	▒▒▒▒ ▒▒▒▒▒▒▒▒▒ ▒▒▒▒▒▒ ▒▒▒▒ ▒▒▒▒▒▒▒▒▒▒ ▒▒▒▒▒▒▒ ▒▒▒▒ ▒▒▒▒▒▒▒▒ ▒▒▒▒▒▒▒▒▒ ▒▒▒
▒▒▒▒▒▒ ▒▒▒▒▒▒▒ ▒▒▒▒▒▒ ▒	▒▒▒▒▒▒▒ ▒▒▒▒▒ ▒▒▒▒▒▒▒▒▒ ▒▒▒▒▒▒ ▒▒▒▒▒▒▒▒ ▒▒▒▒ ▒▒▒▒▒▒▒▒▒ ▒▒▒▒▒ ▒▒▒▒▒▒▒ ▒▒▒▒▒
▒▒▒▒▒▒ ▒▒▒▒▒▒▒ ▒▒▒▒▒▒▒ ▒▒▒	▒▒▒▒ ▒▒▒▒▒▒▒ ▒▒▒ ▒▒▒▒ ▒▒▒▒▒▒▒▒ ▒▒▒▒▒▒ ▒▒▒ ▒▒▒▒▒▒▒▒ ▒▒▒▒▒ ▒▒▒▒▒▒▒ ▒▒▒▒▒▒ ▒▒▒▒ ▒▒▒
▒▒▒▒▒▒ ▒▒▒▒▒▒▒ ▒▒▒▒▒ ▒▒▒▒	▒▒▒ ▒▒▒▒▒▒ ▒▒▒▒▒▒▒▒▒ ▒▒▒▒ ▒▒▒▒▒▒▒ ▒▒▒▒▒▒▒▒▒ ▒▒▒▒▒ ▒▒▒▒▒▒▒▒ ▒▒▒▒▒▒ ▒▒▒▒▒▒▒▒ ▒▒▒▒
▒▒▒▒▒▒ ▒▒▒▒▒▒▒ ▒▒▒▒▒▒▒	▒▒▒▒▒▒▒▒ ▒▒▒ ▒▒▒▒▒▒▒ ▒▒▒▒▒▒ ▒▒▒▒▒▒▒▒▒▒ ▒▒▒▒ ▒▒▒▒▒▒▒▒ ▒▒▒▒▒▒ ▒▒▒▒▒ ▒▒▒▒▒▒▒▒
▒▒▒▒▒▒ ▒▒▒▒▒▒▒ ▒▒▒▒▒ ▒▒	▒▒▒▒▒ ▒▒▒▒▒▒▒▒ ▒▒▒▒ ▒▒▒▒▒▒▒▒▒ ▒▒▒▒▒▒▒ ▒▒▒▒▒ ▒▒▒▒ ▒▒▒▒▒▒▒▒▒ ▒▒▒▒▒▒▒ ▒▒▒▒▒▒ ▒▒
▒▒▒▒▒▒ ▒▒▒▒▒▒▒ ▒▒▒▒▒▒▒ ▒	▒▒▒▒▒▒▒ ▒▒▒ ▒▒▒▒▒▒▒▒▒▒ ▒▒▒▒▒▒ ▒▒▒▒▒ ▒▒▒▒▒▒▒▒ ▒▒▒▒ ▒▒▒▒▒▒▒▒▒ ▒▒▒▒▒ ▒▒▒▒▒▒
▒▒▒▒▒▒ ▒▒▒▒▒▒▒ ▒▒▒▒▒▒	▒▒▒ ▒▒▒▒▒▒▒▒ ▒▒▒▒▒ ▒▒▒▒▒▒▒▒ ▒▒▒▒▒▒▒▒▒▒ ▒▒▒▒ ▒▒▒▒▒▒ ▒▒▒▒▒▒▒▒ ▒▒▒▒▒▒▒ ▒▒▒▒▒ ▒▒▒▒
▒▒▒▒▒▒ ▒▒▒▒▒▒▒ ▒▒▒▒▒▒▒ ▒▒	▒▒▒▒▒▒▒▒▒ ▒▒▒▒ ▒▒▒▒▒▒▒ ▒▒▒▒▒▒▒▒ ▒▒▒▒ ▒▒▒▒▒▒▒▒▒ ▒▒▒▒▒▒ ▒▒▒▒▒▒▒ ▒▒▒▒ ▒▒▒▒▒▒▒▒
▒▒▒▒▒▒ ▒▒▒▒▒▒▒ ▒▒▒▒▒	▒▒▒▒▒ ▒▒▒▒▒▒▒ ▒▒▒▒▒▒▒▒▒▒ ▒▒▒ ▒▒▒▒▒▒▒ ▒▒▒▒▒▒▒▒ ▒▒▒▒▒ ▒▒▒▒▒▒▒▒▒ ▒▒▒▒▒▒▒ ▒▒▒▒
▒▒▒▒▒▒ ▒▒▒▒▒▒▒ ▒▒▒▒▒▒▒	▒▒▒▒ ▒▒▒▒▒▒▒▒▒ ▒▒▒▒▒▒ ▒▒▒▒ ▒▒▒▒▒▒▒▒▒▒ ▒▒▒▒▒▒▒ ▒▒▒▒ ▒▒▒▒▒▒▒▒ ▒▒▒▒▒▒▒▒▒ ▒▒▒
▒▒▒▒▒▒ ▒▒▒▒▒▒▒ ▒▒▒▒▒▒ ▒	▒▒▒▒▒▒▒ ▒▒▒▒▒ ▒▒▒▒▒▒▒▒▒ ▒▒▒▒▒▒ ▒▒▒▒▒▒▒▒ ▒▒▒▒ ▒▒▒▒▒▒▒▒▒ ▒▒▒▒▒ ▒▒▒▒▒▒▒ ▒▒▒▒▒
▒▒▒▒▒▒ ▒▒▒▒▒▒▒ ▒▒▒▒▒▒▒ ▒▒▒	▒▒▒▒ ▒▒▒▒▒▒▒ ▒▒▒ ▒▒▒▒ ▒▒▒▒▒▒▒▒ ▒▒▒▒▒▒ ▒▒▒ ▒▒▒▒▒▒▒▒ ▒▒▒▒▒ ▒▒▒▒▒▒▒ ▒▒▒▒▒▒ ▒▒▒▒ ▒▒▒
